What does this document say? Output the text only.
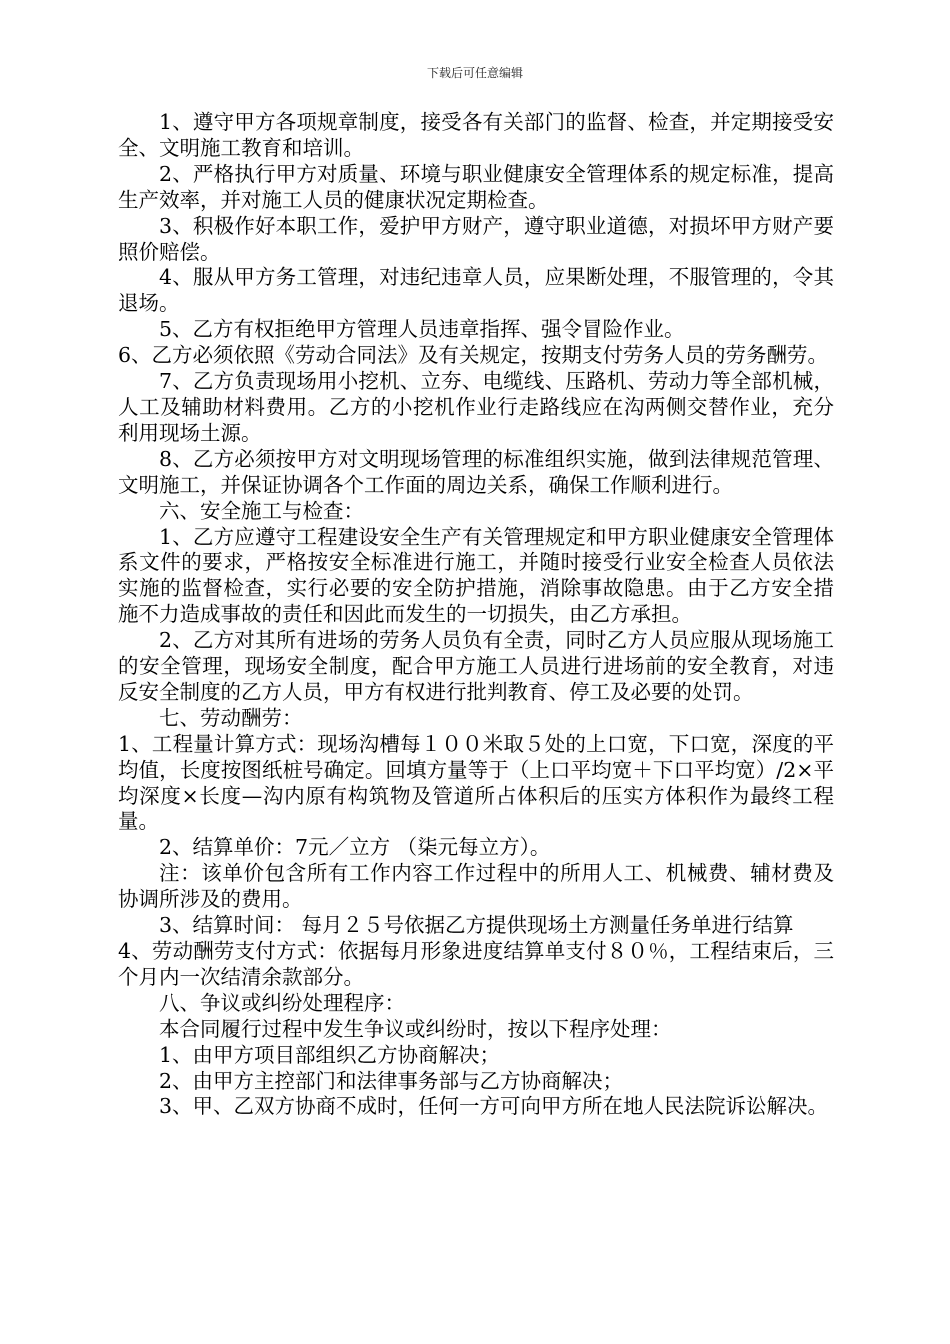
下载后可任意编辑

1、遵守甲方各项规章制度，接受各有关部门的监督、检查，并定期接受安全、文明施工教育和培训。

2、严格执行甲方对质量、环境与职业健康安全管理体系的规定标准，提高生产效率，并对施工人员的健康状况定期检查。

3、积极作好本职工作，爱护甲方财产，遵守职业道德，对损坏甲方财产要照价赔偿。

4、服从甲方务工管理，对违纪违章人员，应果断处理，不服管理的，令其退场。

5、乙方有权拒绝甲方管理人员违章指挥、强令冒险作业。

6、乙方必须依照《劳动合同法》及有关规定，按期支付劳务人员的劳务酬劳。

7、乙方负责现场用小挖机、立夯、电缆线、压路机、劳动力等全部机械，人工及辅助材料费用。乙方的小挖机作业行走路线应在沟两侧交替作业，充分利用现场土源。

8、乙方必须按甲方对文明现场管理的标准组织实施，做到法律规范管理、文明施工，并保证协调各个工作面的周边关系，确保工作顺利进行。

六、安全施工与检查：

1、乙方应遵守工程建设安全生产有关管理规定和甲方职业健康安全管理体系文件的要求，严格按安全标准进行施工，并随时接受行业安全检查人员依法实施的监督检查，实行必要的安全防护措施，消除事故隐患。由于乙方安全措施不力造成事故的责任和因此而发生的一切损失，由乙方承担。

2、乙方对其所有进场的劳务人员负有全责，同时乙方人员应服从现场施工的安全管理，现场安全制度，配合甲方施工人员进行进场前的安全教育，对违反安全制度的乙方人员，甲方有权进行批判教育、停工及必要的处罚。

七、劳动酬劳：

1、工程量计算方式：现场沟槽每１００米取５处的上口宽，下口宽，深度的平均值，长度按图纸桩号确定。回填方量等于（上口平均宽＋下口平均宽）/2×平均深度×长度—沟内原有构筑物及管道所占体积后的压实方体积作为最终工程量。

2、结算单价：7元／立方 （柒元每立方）。

注：该单价包含所有工作内容工作过程中的所用人工、机械费、辅材费及协调所涉及的费用。

3、结算时间： 每月２５号依据乙方提供现场土方测量任务单进行结算

4、劳动酬劳支付方式：依据每月形象进度结算单支付８０％，工程结束后，三个月内一次结清余款部分。

八、争议或纠纷处理程序：

本合同履行过程中发生争议或纠纷时，按以下程序处理：

1、由甲方项目部组织乙方协商解决；

2、由甲方主控部门和法律事务部与乙方协商解决；

3、甲、乙双方协商不成时，任何一方可向甲方所在地人民法院诉讼解决。
